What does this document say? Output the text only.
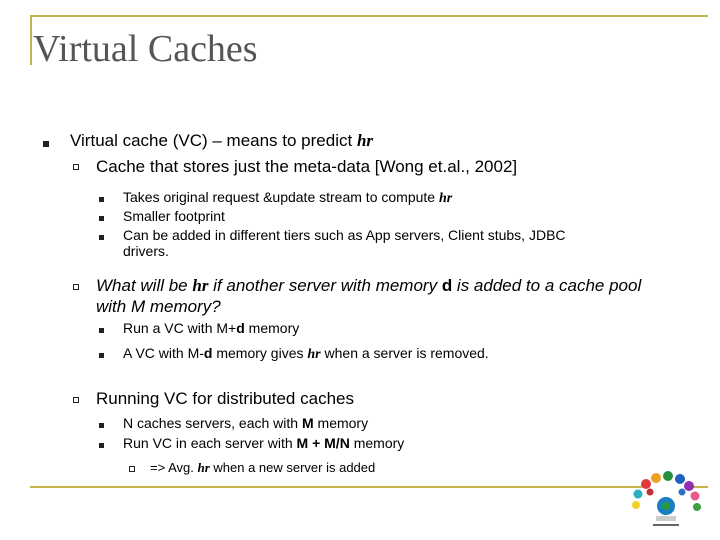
Virtual Caches
Virtual cache (VC) – means to predict hr
Cache that stores just the meta-data [Wong et.al., 2002]
Takes original request &update stream to compute hr
Smaller footprint
Can be added in different tiers such as App servers, Client stubs, JDBC
drivers.
What will be hr if another server with memory d is added to a cache pool
with M memory?
Run a VC with M+d memory
A VC with M-d memory gives hr when a server is removed.
Running VC for distributed caches
N caches servers, each with M memory
Run VC in each server with M + M/N memory
=> Avg. hr when a new server is added
